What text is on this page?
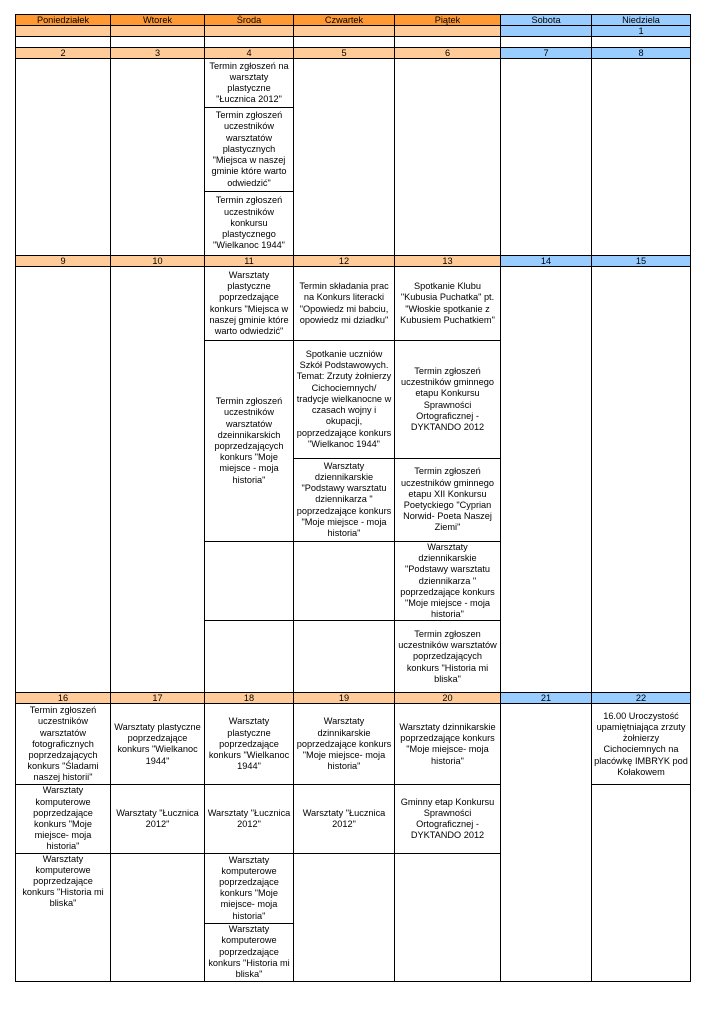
Poniedziałek	Wtorek	Środa	Czwartek	Piątek	Sobota	Niedziela
						1

2	3	4	5	6	7	8
		Termin zgłoszeń na warsztaty plastyczne "Łucznica 2012"				
		Termin zgłoszeń uczestników warsztatów plastycznych "Miejsca w naszej gminie które warto odwiedzić"				
		Termin zgłoszeń uczestników konkursu plastycznego "Wielkanoc 1944"				
9	10	11	12	13	14	15
		Warsztaty plastyczne poprzedzające konkurs "Miejsca w naszej gminie które warto odwiedzić"	Termin składania prac na Konkurs literacki "Opowiedz mi babciu, opowiedz mi dziadku"	Spotkanie Klubu "Kubusia Puchatka" pt. "Włoskie spotkanie z Kubusiem Puchatkiem"		
		Termin zgłoszeń uczestników warsztatów dzeinnikarskich poprzedzających konkurs "Moje miejsce - moja historia"	Spotkanie uczniów Szkół Podstawowych. Temat: Zrzuty żołnierzy Cichociemnych/ tradycje wielkanocne w czasach wojny i okupacji, poprzedzające konkurs "Wielkanoc 1944"	Termin zgłoszeń uczestników gminnego etapu Konkursu Sprawności Ortograficznej - DYKTANDO 2012		
			Warsztaty dziennikarskie "Podstawy warsztatu dziennikarza " poprzedzające konkurs "Moje miejsce - moja historia"	Termin zgłoszeń uczestników gminnego etapu XII Konkursu Poetyckiego "Cyprian Norwid- Poeta Naszej Ziemi"		
				Warsztaty dziennikarskie "Podstawy warsztatu dziennikarza " poprzedzające konkurs "Moje miejsce - moja historia"		
				Termin zgłoszen uczestników warsztatów poprzedzających konkurs "Historia mi bliska"		
16	17	18	19	20	21	22
Termin zgłoszeń uczestników warsztatów fotograficznych poprzedzających konkurs "Śladami naszej historii"	Warsztaty plastyczne poprzedzające konkurs "Wielkanoc 1944"	Warsztaty plastyczne poprzedzające konkurs "Wielkanoc 1944"	Warsztaty dzinnikarskie poprzedzające konkurs "Moje miejsce- moja historia"	Warsztaty dzinnikarskie poprzedzające konkurs "Moje miejsce- moja historia"		16.00 Uroczystość upamiętniająca zrzuty żołnierzy Cichociemnych na placówkę IMBRYK pod Kołakowem
Warsztaty komputerowe poprzedzające konkurs "Moje miejsce- moja historia"	Warsztaty "Łucznica 2012"	Warsztaty "Łucznica 2012"	Warsztaty "Łucznica 2012"	Gminny etap Konkursu Sprawności Ortograficznej - DYKTANDO 2012		
Warsztaty komputerowe poprzedzające konkurs "Historia mi bliska"		Warsztaty komputerowe poprzedzające konkurs "Moje miejsce- moja historia"				
		Warsztaty komputerowe poprzedzające konkurs "Historia mi bliska"				
